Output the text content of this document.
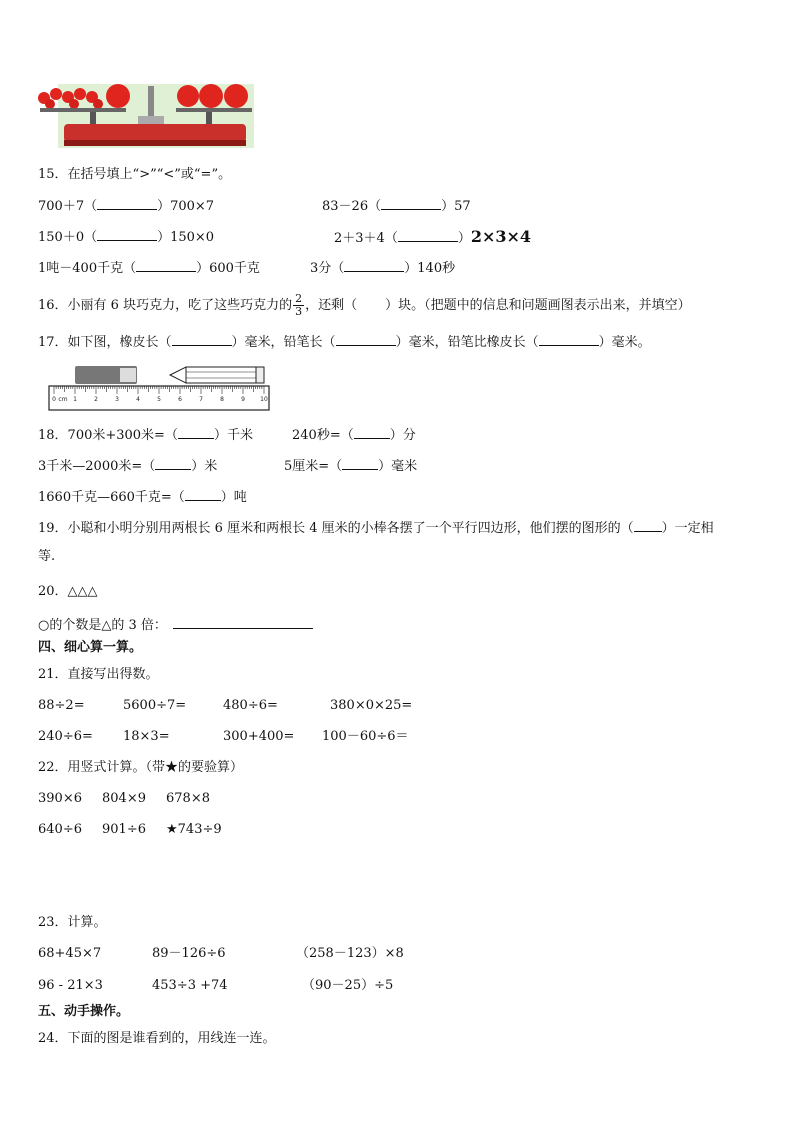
15．在括号填上“>”“<”或“=”。
700＋7（	）700×7	83－26（	）57
150＋0（	）150×0	2＋3＋4（	）2×3×4
1吨－400千克（	）600千克	3分（	）140秒
16．小丽有 6 块巧克力，吃了这些巧克力的 $\frac{2}{3}$ ，还剩（ ）块。（把题中的信息和问题画图表示出来，并填空）
17．如下图，橡皮长（	）毫米，铅笔长（	）毫米，铅笔比橡皮长（	）毫米。
0 cm 1	2	3	4	5	6	7	8	9	10
18．700米+300米=（	）千米	240秒=（	）分
3千米—2000米=（	）米	5厘米=（	）毫米
1660千克—660千克=（	）吨
19．小聪和小明分别用两根长 6 厘米和两根长 4 厘米的小棒各摆了一个平行四边形，他们摆的图形的（ ）一定相
等.
20．△△△
○的个数是△的 3 倍：
四、细心算一算。
21．直接写出得数。
88÷2=	5600÷7=	480÷6=	380×0×25=
240÷6= 18×3=	300+400= 100－60÷6＝
22．用竖式计算。（带★的要验算）
390×6 804×9 678×8
640÷6 901÷6 ★743÷9
23．计算。
68+45×7	89－126÷6	（258－123）×8
96 - 21×3	453÷3 +74	（90－25）÷5
五、动手操作。
24．下面的图是谁看到的，用线连一连。
